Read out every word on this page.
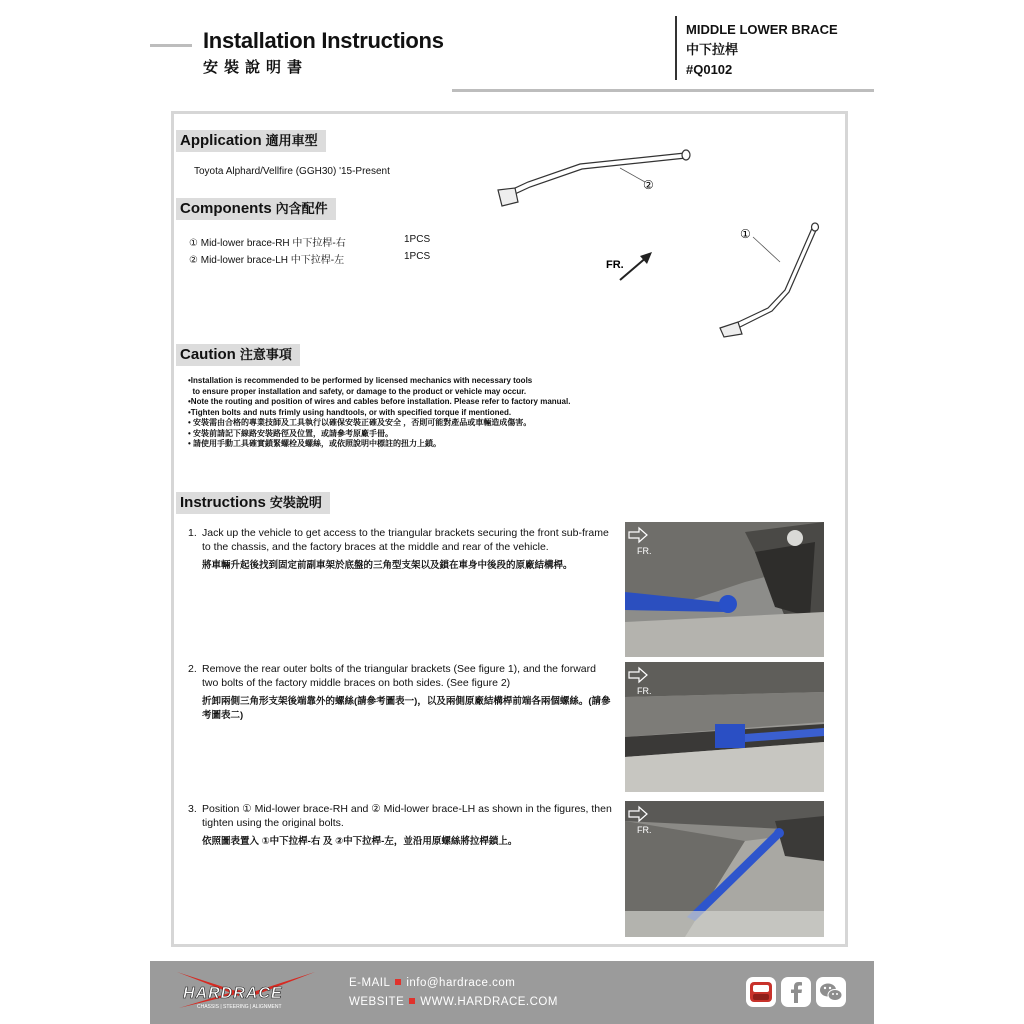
Installation Instructions
安裝說明書
MIDDLE LOWER BRACE
中下拉桿
#Q0102
Application 適用車型
Toyota Alphard/Vellfire (GGH30) '15-Present
Components 內含配件
① Mid-lower brace-RH 中下拉桿-右	1PCS
② Mid-lower brace-LH 中下拉桿-左	1PCS
②
①
FR.
Caution 注意事項

•Installation is recommended to be performed by licensed mechanics with necessary tools

to ensure proper installation and safety, or damage to the product or vehicle may occur.

•Note the routing and position of wires and cables before installation. Please refer to factory manual.

•Tighten bolts and nuts frimly using handtools, or with specified torque if mentioned.

• 安裝需由合格的專業技師及工具執行以確保安裝正確及安全 ，否則可能對產品或車輛造成傷害。

• 安裝前請記下線路安裝路徑及位置，或請參考原廠手冊。

• 請使用手動工具確實鎖緊螺栓及螺絲，或依照說明中標註的扭力上鎖。

Instructions 安裝說明
1. Jack up the vehicle to get access to the triangular brackets securing the front sub-frame to the chassis, and the factory braces at the middle and rear of the vehicle.
將車輛升起後找到固定前副車架於底盤的三角型支架以及鎖在車身中後段的原廠結構桿。
2. Remove the rear outer bolts of the triangular brackets (See figure 1), and the forward two bolts of the factory middle braces on both sides. (See figure 2)
折卸兩側三角形支架後端靠外的螺絲(請參考圖表一)，以及兩側原廠結構桿前端各兩個螺絲。(請參考圖表二)
3. Position ① Mid-lower brace-RH and ② Mid-lower brace-LH as shown in the figures, then tighten using the original bolts.
依照圖表置入 ①中下拉桿-右 及 ②中下拉桿-左，並沿用原螺絲將拉桿鎖上。
FR.
FR.
FR.
HARDRACE
CHASSIS | STEERING | ALIGNMENT
E-MAIL info@hardrace.com
WEBSITE WWW.HARDRACE.COM
